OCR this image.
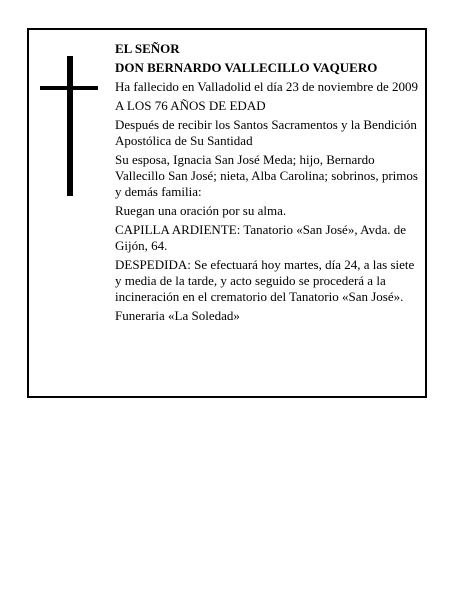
EL SEÑOR

DON BERNARDO VALLECILLO VAQUERO

Ha fallecido en Valladolid el día 23 de noviembre de 2009

A LOS 76 AÑOS DE EDAD

Después de recibir los Santos Sacramentos y la Bendición Apostólica de Su Santidad

Su esposa, Ignacia San José Meda; hijo, Bernardo Vallecillo San José; nieta, Alba Carolina; sobrinos, primos y demás familia:

Ruegan una oración por su alma.

CAPILLA ARDIENTE: Tanatorio «San José», Avda. de Gijón, 64.

DESPEDIDA: Se efectuará hoy martes, día 24, a las siete y media de la tarde, y acto seguido se procederá a la incineración en el crematorio del Tanatorio «San José».

Funeraria «La Soledad»
